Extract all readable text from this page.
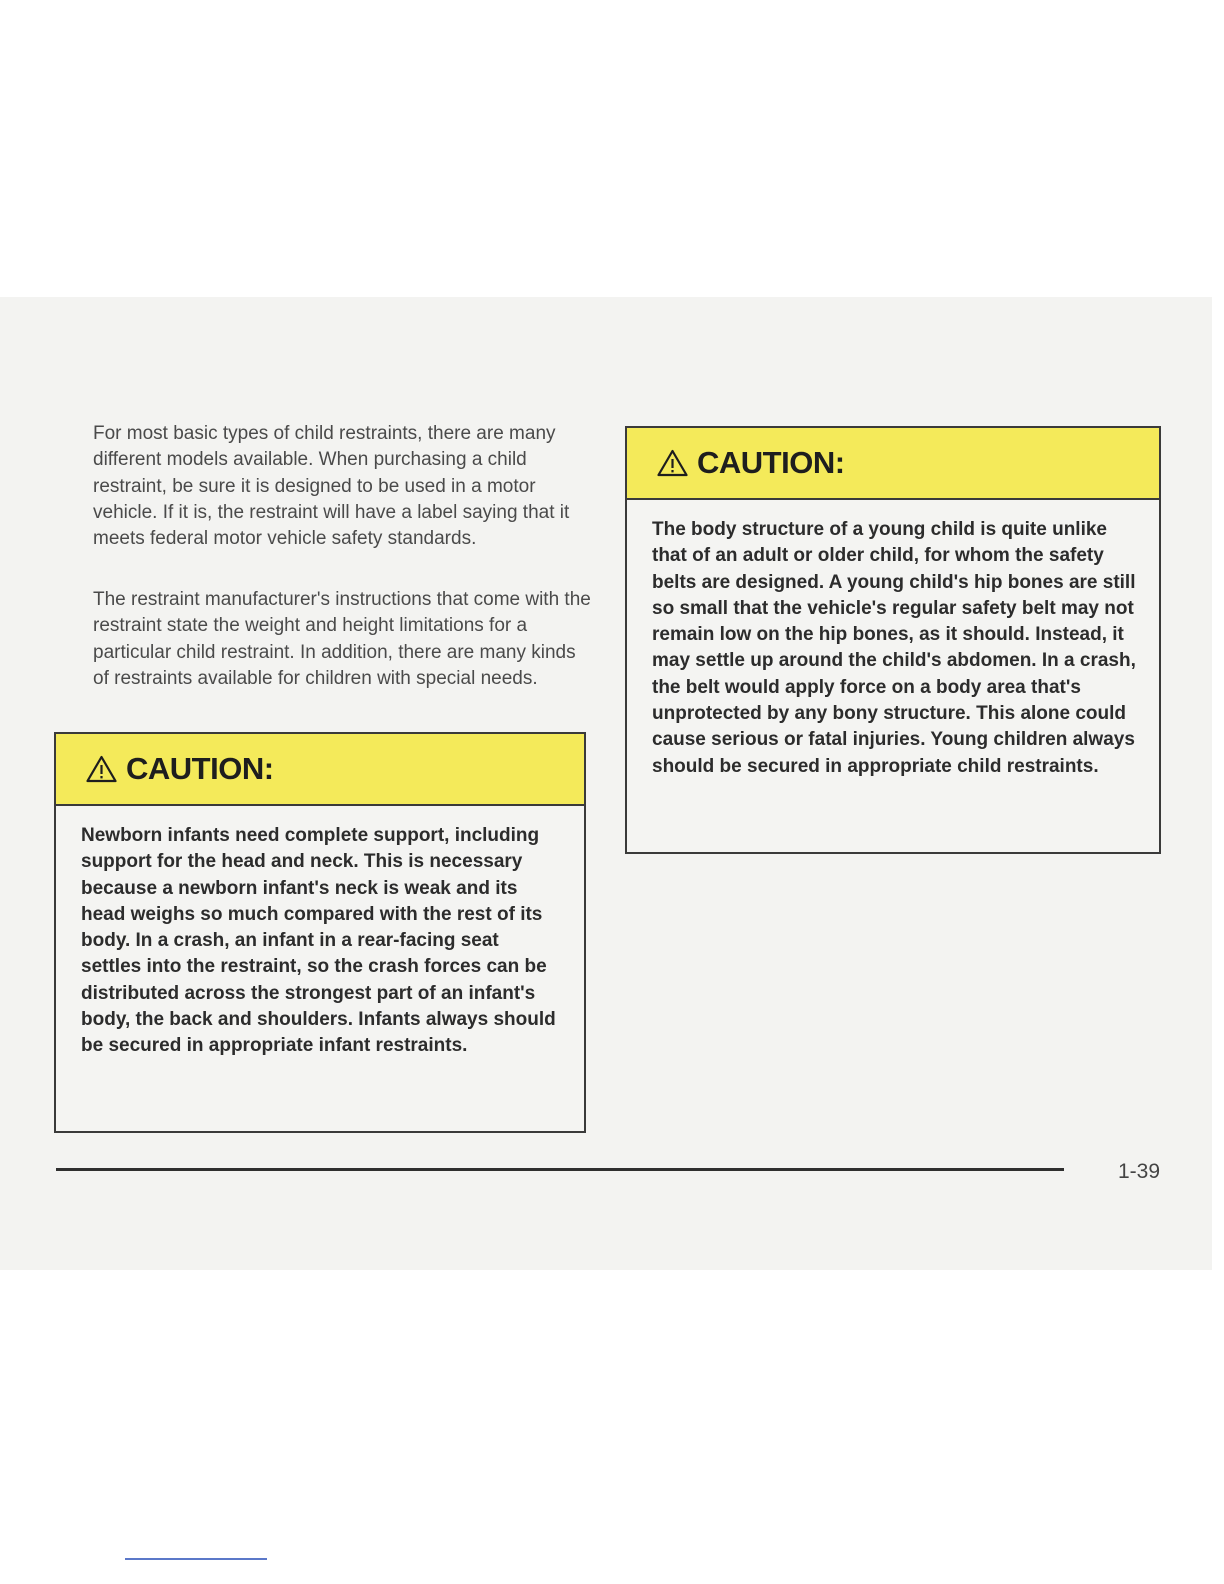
For most basic types of child restraints, there are many different models available. When purchasing a child restraint, be sure it is designed to be used in a motor vehicle. If it is, the restraint will have a label saying that it meets federal motor vehicle safety standards.

The restraint manufacturer's instructions that come with the restraint state the weight and height limitations for a particular child restraint. In addition, there are many kinds of restraints available for children with special needs.

CAUTION:

Newborn infants need complete support, including support for the head and neck. This is necessary because a newborn infant's neck is weak and its head weighs so much compared with the rest of its body. In a crash, an infant in a rear-facing seat settles into the restraint, so the crash forces can be distributed across the strongest part of an infant's body, the back and shoulders. Infants always should be secured in appropriate infant restraints.

CAUTION:

The body structure of a young child is quite unlike that of an adult or older child, for whom the safety belts are designed. A young child's hip bones are still so small that the vehicle's regular safety belt may not remain low on the hip bones, as it should. Instead, it may settle up around the child's abdomen. In a crash, the belt would apply force on a body area that's unprotected by any bony structure. This alone could cause serious or fatal injuries. Young children always should be secured in appropriate child restraints.

1-39
